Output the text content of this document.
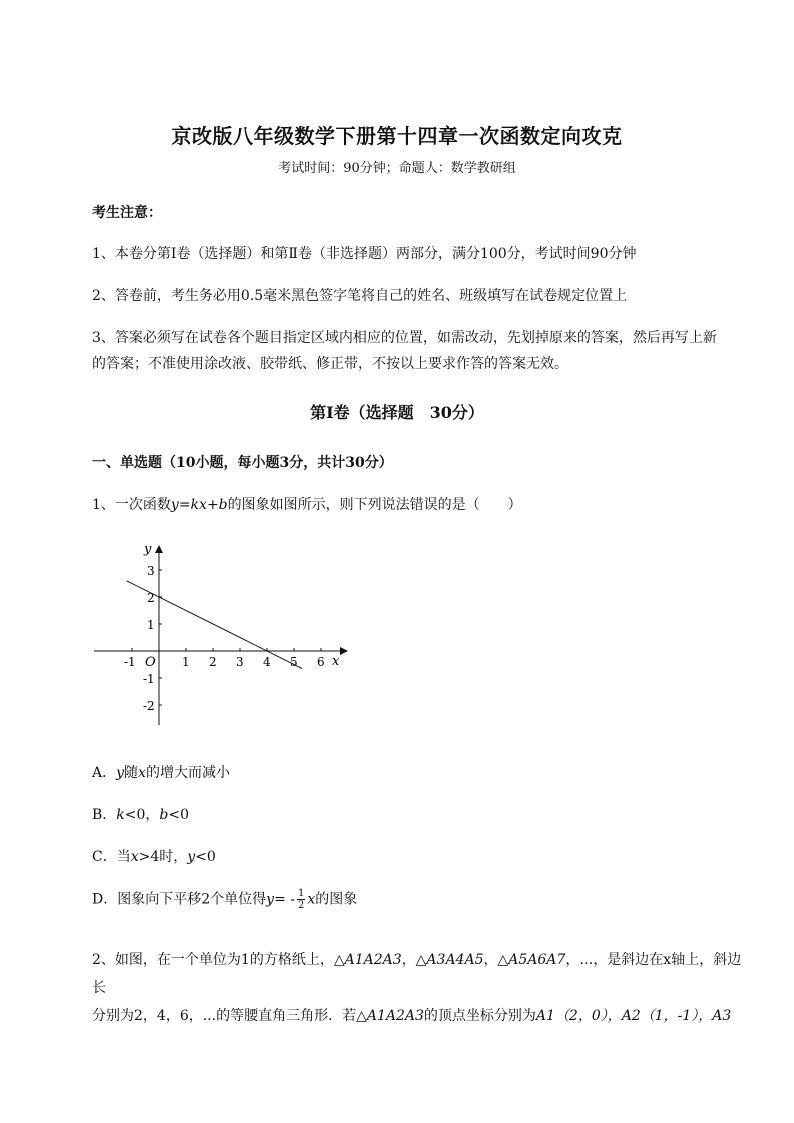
京改版八年级数学下册第十四章一次函数定向攻克
考试时间：90分钟；命题人：数学教研组
考生注意：
1、本卷分第I卷（选择题）和第Ⅱ卷（非选择题）两部分，满分100分，考试时间90分钟
2、答卷前，考生务必用0.5毫米黑色签字笔将自己的姓名、班级填写在试卷规定位置上
3、答案必须写在试卷各个题目指定区域内相应的位置，如需改动，先划掉原来的答案，然后再写上新
的答案；不准使用涂改液、胶带纸、修正带，不按以上要求作答的答案无效。
第I卷（选择题　30分）
一、单选题（10小题，每小题3分，共计30分）
1、一次函数y=kx+b的图象如图所示，则下列说法错误的是（　　）
-1	1 2 3 4 5 6
3
2
1
-1
-2
x
y
O
A．y随x的增大而减小
B．k<0，b<0
C．当x>4时，y<0
D．图象向下平移2个单位得$y= - \frac{1}{2}$ x的图象
2、如图，在一个单位为1的方格纸上，△A1A2A3，△A3A4A5，△A5A6A7，…，是斜边在x轴上，斜边长
分别为2，4，6，...的等腰直角三角形．若△A1A2A3的顶点坐标分别为A1（2，0），A2（1，-1），A3
